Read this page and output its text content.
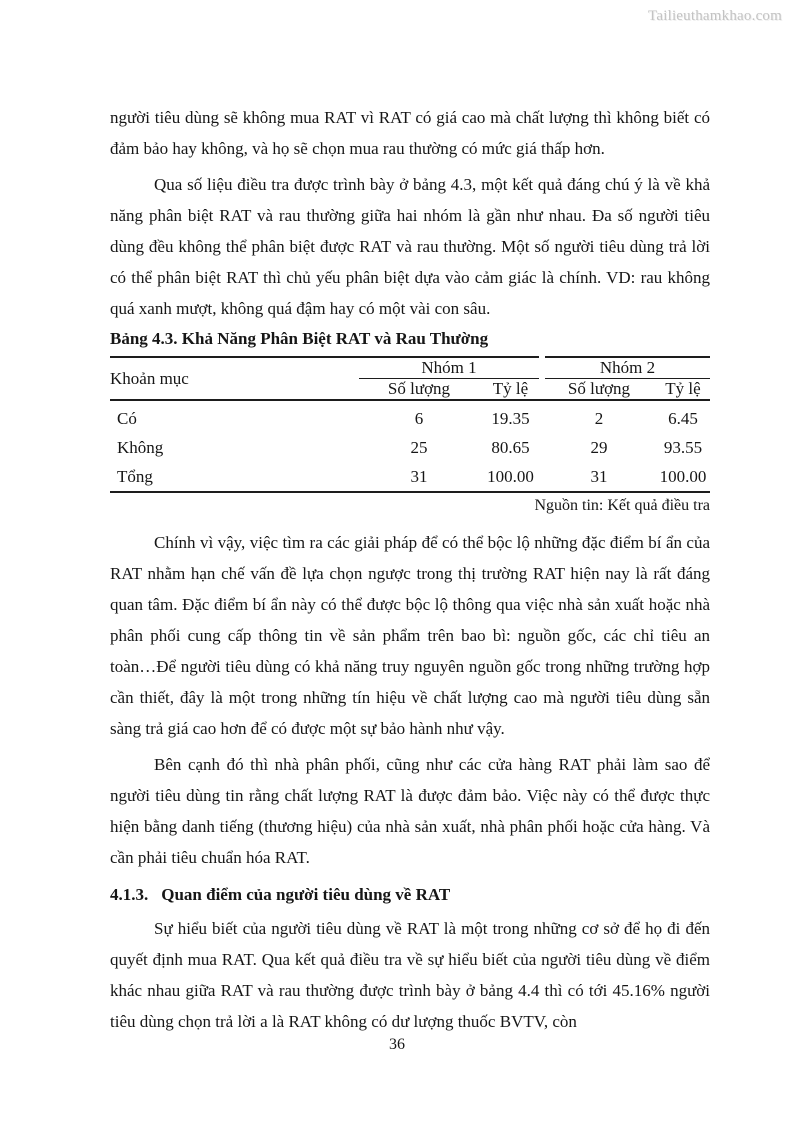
Tailieuthamkhao.com

người tiêu dùng sẽ không mua RAT vì RAT có giá cao mà chất lượng thì không biết có đảm bảo hay không, và họ sẽ chọn mua rau thường có mức giá thấp hơn.

Qua số liệu điều tra được trình bày ở bảng 4.3, một kết quả đáng chú ý là về khả năng phân biệt RAT và rau thường giữa hai nhóm là gần như nhau. Đa số người tiêu dùng đều không thể phân biệt được RAT và rau thường. Một số người tiêu dùng trả lời có thể phân biệt RAT thì chủ yếu phân biệt dựa vào cảm giác là chính. VD: rau không quá xanh mượt, không quá đậm hay có một vài con sâu.

Bảng 4.3. Khả Năng Phân Biệt RAT và Rau Thường
Khoản mục	Nhóm 1		Nhóm 2	
	Số lượng	Tỷ lệ	Số lượng	Tỷ lệ
Có	6	19.35	2	6.45
Không	25	80.65	29	93.55
Tổng	31	100.00	31	100.00
Nguồn tin: Kết quả điều tra

Chính vì vậy, việc tìm ra các giải pháp để có thể bộc lộ những đặc điểm bí ẩn của RAT nhằm hạn chế vấn đề lựa chọn ngược trong thị trường RAT hiện nay là rất đáng quan tâm. Đặc điểm bí ẩn này có thể được bộc lộ thông qua việc nhà sản xuất hoặc nhà phân phối cung cấp thông tin về sản phẩm trên bao bì: nguồn gốc, các chỉ tiêu an toàn…Để người tiêu dùng có khả năng truy nguyên nguồn gốc trong những trường hợp cần thiết, đây là một trong những tín hiệu về chất lượng cao mà người tiêu dùng sẵn sàng trả giá cao hơn để có được một sự bảo hành như vậy.

Bên cạnh đó thì nhà phân phối, cũng như các cửa hàng RAT phải làm sao để người tiêu dùng tin rằng chất lượng RAT là được đảm bảo. Việc này có thể được thực hiện bằng danh tiếng (thương hiệu) của nhà sản xuất, nhà phân phối hoặc cửa hàng. Và cần phải tiêu chuẩn hóa RAT.

4.1.3. Quan điểm của người tiêu dùng về RAT

Sự hiểu biết của người tiêu dùng về RAT là một trong những cơ sở để họ đi đến quyết định mua RAT. Qua kết quả điều tra về sự hiểu biết của người tiêu dùng về điểm khác nhau giữa RAT và rau thường được trình bày ở bảng 4.4 thì có tới 45.16% người tiêu dùng chọn trả lời a là RAT không có dư lượng thuốc BVTV, còn

36
